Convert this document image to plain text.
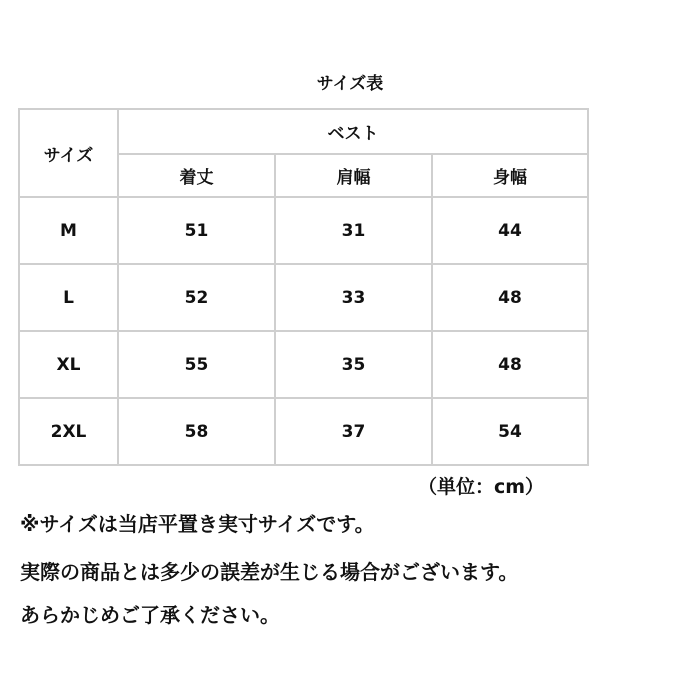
サイズ表
サイズ	ベスト		
	着丈	肩幅	身幅
M	51	31	44
L	52	33	48
XL	55	35	48
2XL	58	37	54
（単位：cm）
※サイズは当店平置き実寸サイズです。
実際の商品とは多少の誤差が生じる場合がございます。
あらかじめご了承ください。
